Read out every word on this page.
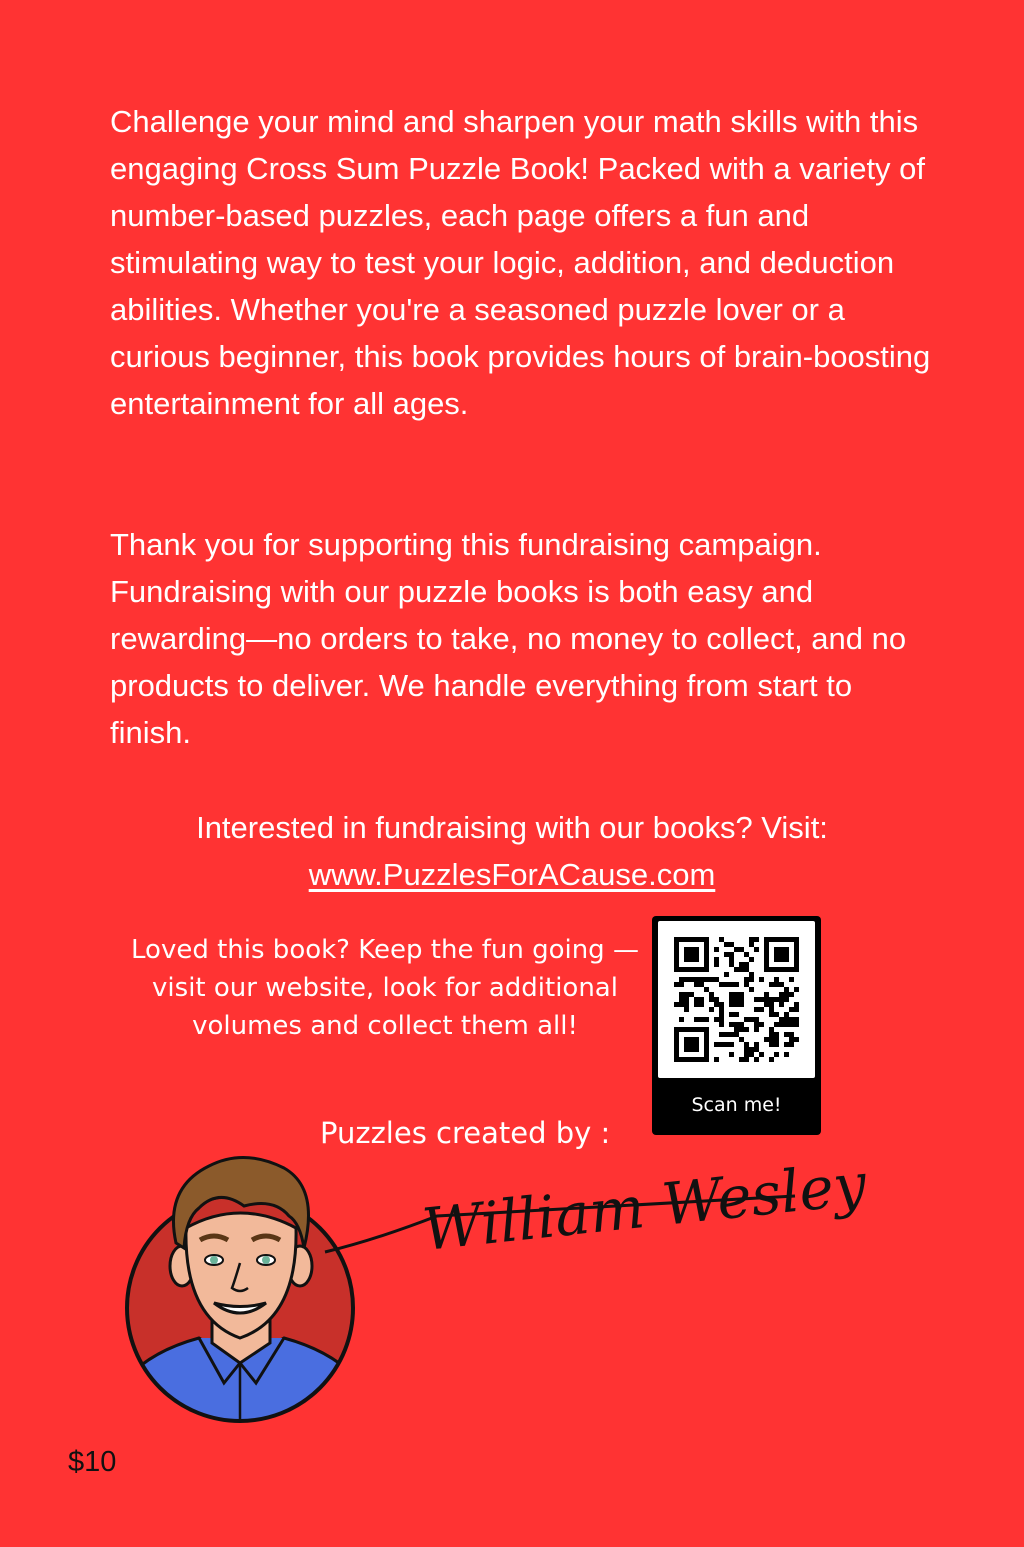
Challenge your mind and sharpen your math skills with this engaging Cross Sum Puzzle Book! Packed with a variety of number-based puzzles, each page offers a fun and stimulating way to test your logic, addition, and deduction abilities. Whether you're a seasoned puzzle lover or a curious beginner, this book provides hours of brain-boosting entertainment for all ages.

Thank you for supporting this fundraising campaign. Fundraising with our puzzle books is both easy and rewarding—no orders to take, no money to collect, and no products to deliver. We handle everything from start to finish.

Interested in fundraising with our books? Visit:
www.PuzzlesForACause.com
Loved this book? Keep the fun going —visit our website, look for additional volumes and collect them all!
Scan me!
Puzzles created by :
William Wesley
$10
